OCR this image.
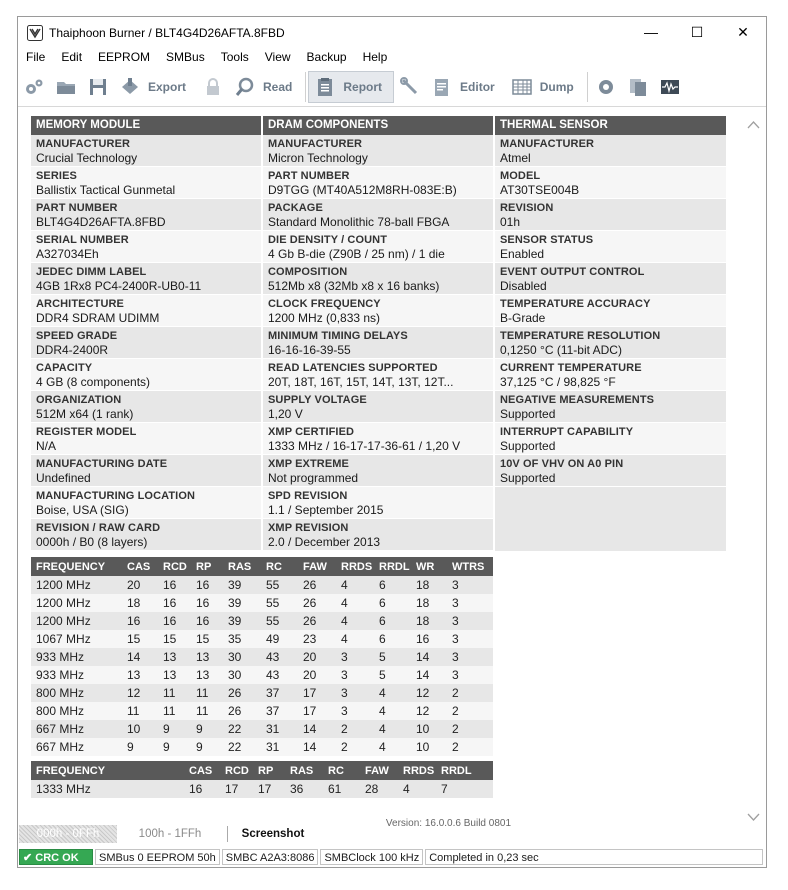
Thaiphoon Burner / BLT4G4D26AFTA.8FBD	—	☐	✕
File	Edit	EEPROM	SMBus	Tools	View	Backup	Help
Export	Read	Report	Editor	Dump
MEMORY MODULE
MANUFACTURER
Crucial Technology
SERIES
Ballistix Tactical Gunmetal
PART NUMBER
BLT4G4D26AFTA.8FBD
SERIAL NUMBER
A327034Eh
JEDEC DIMM LABEL
4GB 1Rx8 PC4-2400R-UB0-11
ARCHITECTURE
DDR4 SDRAM UDIMM
SPEED GRADE
DDR4-2400R
CAPACITY
4 GB (8 components)
ORGANIZATION
512M x64 (1 rank)
REGISTER MODEL
N/A
MANUFACTURING DATE
Undefined
MANUFACTURING LOCATION
Boise, USA (SIG)
REVISION / RAW CARD
0000h / B0 (8 layers)
DRAM COMPONENTS
MANUFACTURER
Micron Technology
PART NUMBER
D9TGG (MT40A512M8RH-083E:B)
PACKAGE
Standard Monolithic 78-ball FBGA
DIE DENSITY / COUNT
4 Gb B-die (Z90B / 25 nm) / 1 die
COMPOSITION
512Mb x8 (32Mb x8 x 16 banks)
CLOCK FREQUENCY
1200 MHz (0,833 ns)
MINIMUM TIMING DELAYS
16-16-16-39-55
READ LATENCIES SUPPORTED
20T, 18T, 16T, 15T, 14T, 13T, 12T...
SUPPLY VOLTAGE
1,20 V
XMP CERTIFIED
1333 MHz / 16-17-17-36-61 / 1,20 V
XMP EXTREME
Not programmed
SPD REVISION
1.1 / September 2015
XMP REVISION
2.0 / December 2013
THERMAL SENSOR
MANUFACTURER
Atmel
MODEL
AT30TSE004B
REVISION
01h
SENSOR STATUS
Enabled
EVENT OUTPUT CONTROL
Disabled
TEMPERATURE ACCURACY
B-Grade
TEMPERATURE RESOLUTION
0,1250 °C (11-bit ADC)
CURRENT TEMPERATURE
37,125 °C / 98,825 °F
NEGATIVE MEASUREMENTS
Supported
INTERRUPT CAPABILITY
Supported
10V OF VHV ON A0 PIN
Supported
FREQUENCY	CAS	RCD	RP	RAS	RC	FAW	RRDS	RRDL	WR	WTRS
1200 MHz	20	16	16	39	55	26	4	6	18	3
1200 MHz	18	16	16	39	55	26	4	6	18	3
1200 MHz	16	16	16	39	55	26	4	6	18	3
1067 MHz	15	15	15	35	49	23	4	6	16	3
933 MHz	14	13	13	30	43	20	3	5	14	3
933 MHz	13	13	13	30	43	20	3	5	14	3
800 MHz	12	11	11	26	37	17	3	4	12	2
800 MHz	11	11	11	26	37	17	3	4	12	2
667 MHz	10	9	9	22	31	14	2	4	10	2
667 MHz	9	9	9	22	31	14	2	4	10	2
FREQUENCY	CAS	RCD	RP	RAS	RC	FAW	RRDS	RRDL
1333 MHz	16	17	17	36	61	28	4	7
Version: 16.0.0.6 Build 0801
000h - 0FFh	100h - 1FFh	Screenshot
✔ CRC OK	SMBus 0 EEPROM 50h SMBC A2A3:8086 SMBClock 100 kHz Completed in 0,23 sec
